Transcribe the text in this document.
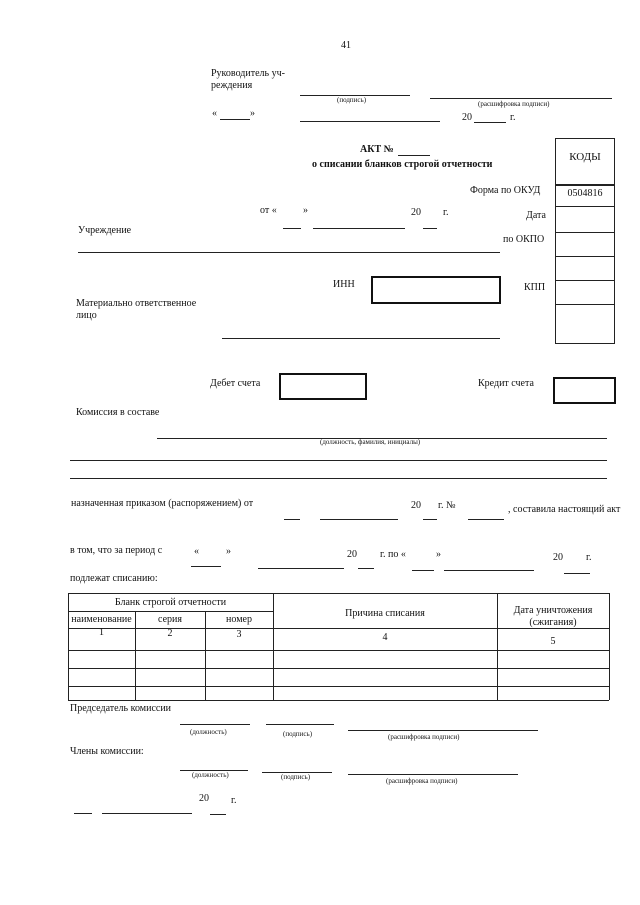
41
Руководитель уч-
реждения
(подпись)	(расшифровка подписи)
«	»	20	г.
АКТ №
о списании бланков строгой отчетности
КОДЫ
0504816
Форма по ОКУД
Дата
по ОКПО
КПП
от «	»	20 г.
Учреждение
ИНН
Материально ответственное
лицо
Дебет счета	Кредит счета
Комиссия в составе
(должность, фамилия, инициалы)
назначенная приказом (распоряжением) от	20 г. №	, составила настоящий акт
в том, что за период с	«	»	20 г. по «	»	20 г.
подлежат списанию:
Бланк строгой отчетности
наименование	серия	номер
Причина списания	Дата уничтожения
(сжигания)
1	2	3	4	5
Председатель комиссии
(должность)	(подпись)	(расшифровка подписи)
Члены комиссии:
(должность)	(подпись)	(расшифровка подписи)
20 г.
